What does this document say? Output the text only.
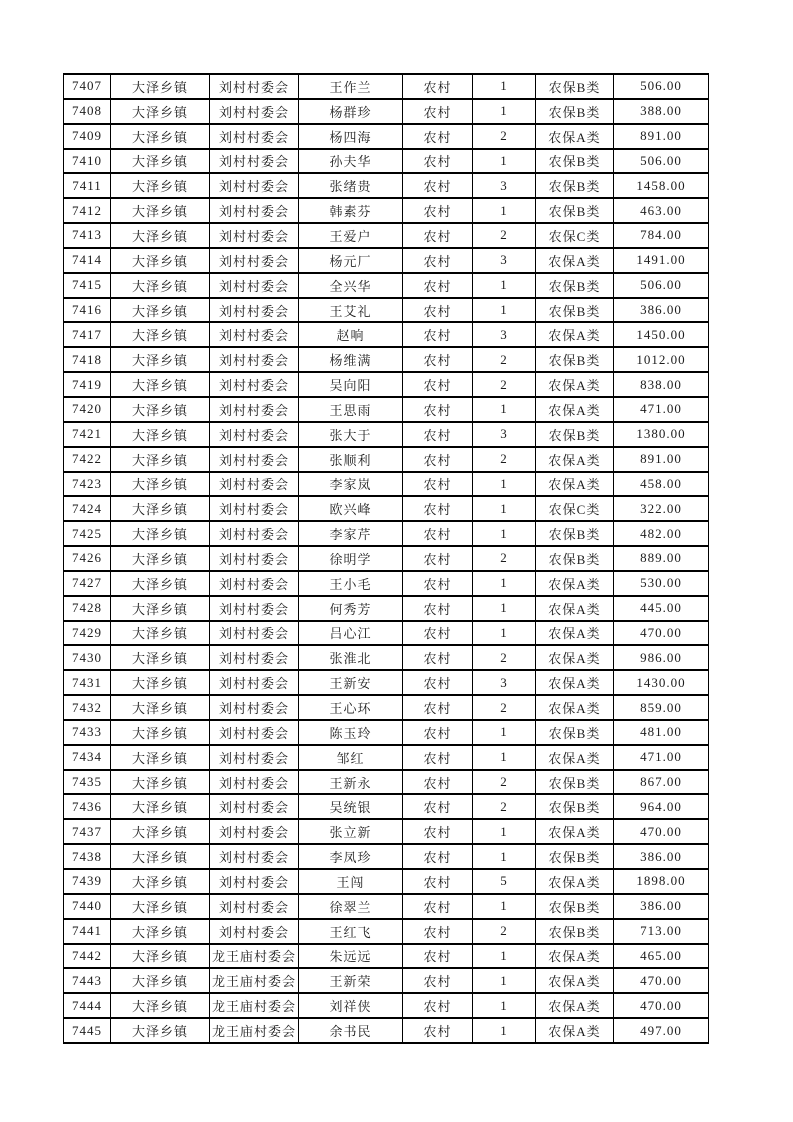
7407	大泽乡镇	刘村村委会	王作兰	农村	1	农保B类	506.00
7408	大泽乡镇	刘村村委会	杨群珍	农村	1	农保B类	388.00
7409	大泽乡镇	刘村村委会	杨四海	农村	2	农保A类	891.00
7410	大泽乡镇	刘村村委会	孙夫华	农村	1	农保B类	506.00
7411	大泽乡镇	刘村村委会	张绪贵	农村	3	农保B类	1458.00
7412	大泽乡镇	刘村村委会	韩素芬	农村	1	农保B类	463.00
7413	大泽乡镇	刘村村委会	王爱户	农村	2	农保C类	784.00
7414	大泽乡镇	刘村村委会	杨元厂	农村	3	农保A类	1491.00
7415	大泽乡镇	刘村村委会	全兴华	农村	1	农保B类	506.00
7416	大泽乡镇	刘村村委会	王艾礼	农村	1	农保B类	386.00
7417	大泽乡镇	刘村村委会	赵响	农村	3	农保A类	1450.00
7418	大泽乡镇	刘村村委会	杨维满	农村	2	农保B类	1012.00
7419	大泽乡镇	刘村村委会	吴向阳	农村	2	农保A类	838.00
7420	大泽乡镇	刘村村委会	王思雨	农村	1	农保A类	471.00
7421	大泽乡镇	刘村村委会	张大于	农村	3	农保B类	1380.00
7422	大泽乡镇	刘村村委会	张顺利	农村	2	农保A类	891.00
7423	大泽乡镇	刘村村委会	李家岚	农村	1	农保A类	458.00
7424	大泽乡镇	刘村村委会	欧兴峰	农村	1	农保C类	322.00
7425	大泽乡镇	刘村村委会	李家芹	农村	1	农保B类	482.00
7426	大泽乡镇	刘村村委会	徐明学	农村	2	农保B类	889.00
7427	大泽乡镇	刘村村委会	王小毛	农村	1	农保A类	530.00
7428	大泽乡镇	刘村村委会	何秀芳	农村	1	农保A类	445.00
7429	大泽乡镇	刘村村委会	吕心江	农村	1	农保A类	470.00
7430	大泽乡镇	刘村村委会	张淮北	农村	2	农保A类	986.00
7431	大泽乡镇	刘村村委会	王新安	农村	3	农保A类	1430.00
7432	大泽乡镇	刘村村委会	王心环	农村	2	农保A类	859.00
7433	大泽乡镇	刘村村委会	陈玉玲	农村	1	农保B类	481.00
7434	大泽乡镇	刘村村委会	邹红	农村	1	农保A类	471.00
7435	大泽乡镇	刘村村委会	王新永	农村	2	农保B类	867.00
7436	大泽乡镇	刘村村委会	吴统银	农村	2	农保B类	964.00
7437	大泽乡镇	刘村村委会	张立新	农村	1	农保A类	470.00
7438	大泽乡镇	刘村村委会	李凤珍	农村	1	农保B类	386.00
7439	大泽乡镇	刘村村委会	王闯	农村	5	农保A类	1898.00
7440	大泽乡镇	刘村村委会	徐翠兰	农村	1	农保B类	386.00
7441	大泽乡镇	刘村村委会	王红飞	农村	2	农保B类	713.00
7442	大泽乡镇	龙王庙村委会	朱远远	农村	1	农保A类	465.00
7443	大泽乡镇	龙王庙村委会	王新荣	农村	1	农保A类	470.00
7444	大泽乡镇	龙王庙村委会	刘祥侠	农村	1	农保A类	470.00
7445	大泽乡镇	龙王庙村委会	余书民	农村	1	农保A类	497.00
